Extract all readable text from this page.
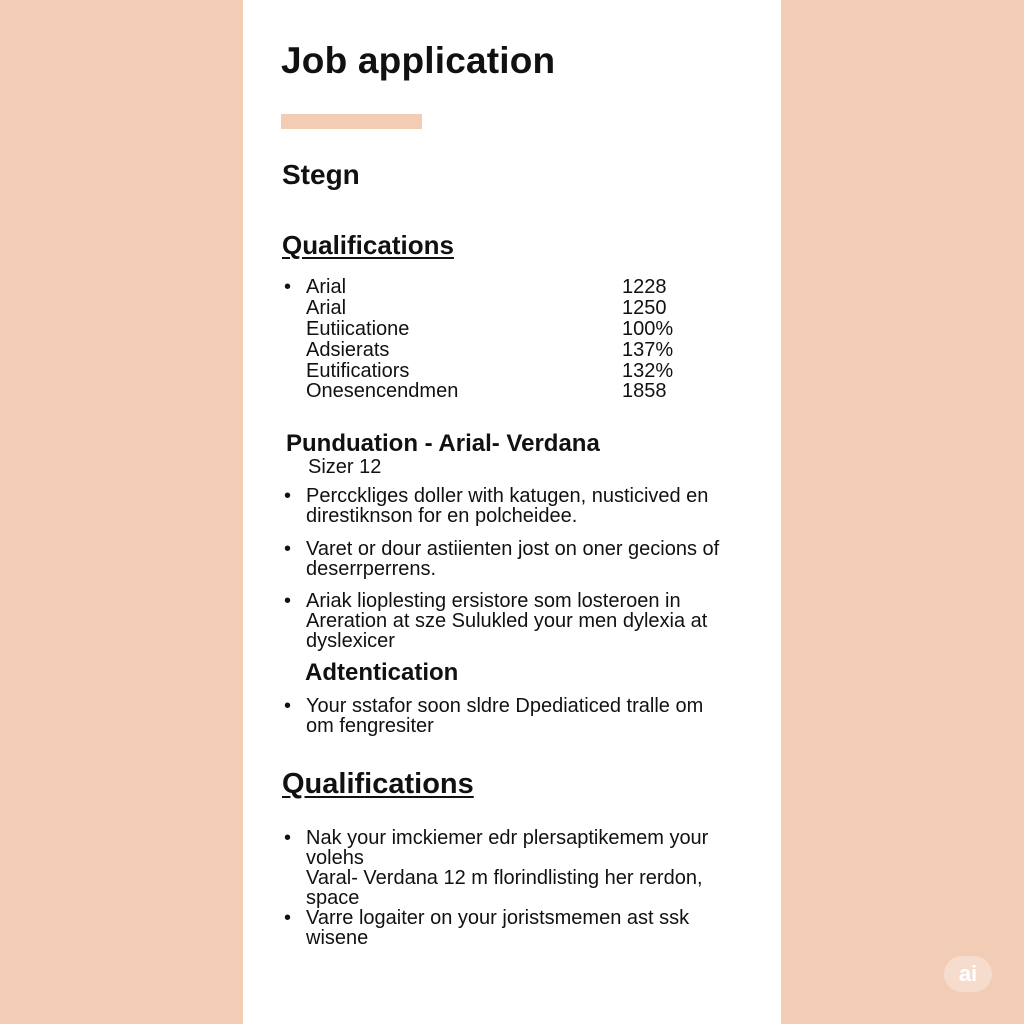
Job application
Stegn
Qualifications
• Arial	1228
Arial	1250
Eutiicatione	100%
Adsierats	137%
Eutificatiors	132%
Onesencendmen	1858
Punduation - Arial- Verdana
Sizer 12
• Percckliges doller with katugen, nusticived en direstiknson for en polcheidee.
• Varet or dour astiienten jost on oner gecions of deserrperrens.
• Ariak lioplesting ersistore som losteroen in Areration at sze Sulukled your men dylexia at dyslexicer
Adtentication
• Your sstafor soon sldre Dpediaticed tralle om om fengresiter
Qualifications
• Nak your imckiemer edr plersaptikemem your volehs
Varal- Verdana 12 m florindlisting her rerdon, space
• Varre logaiter on your joristsmemen ast ssk wisene
ai
